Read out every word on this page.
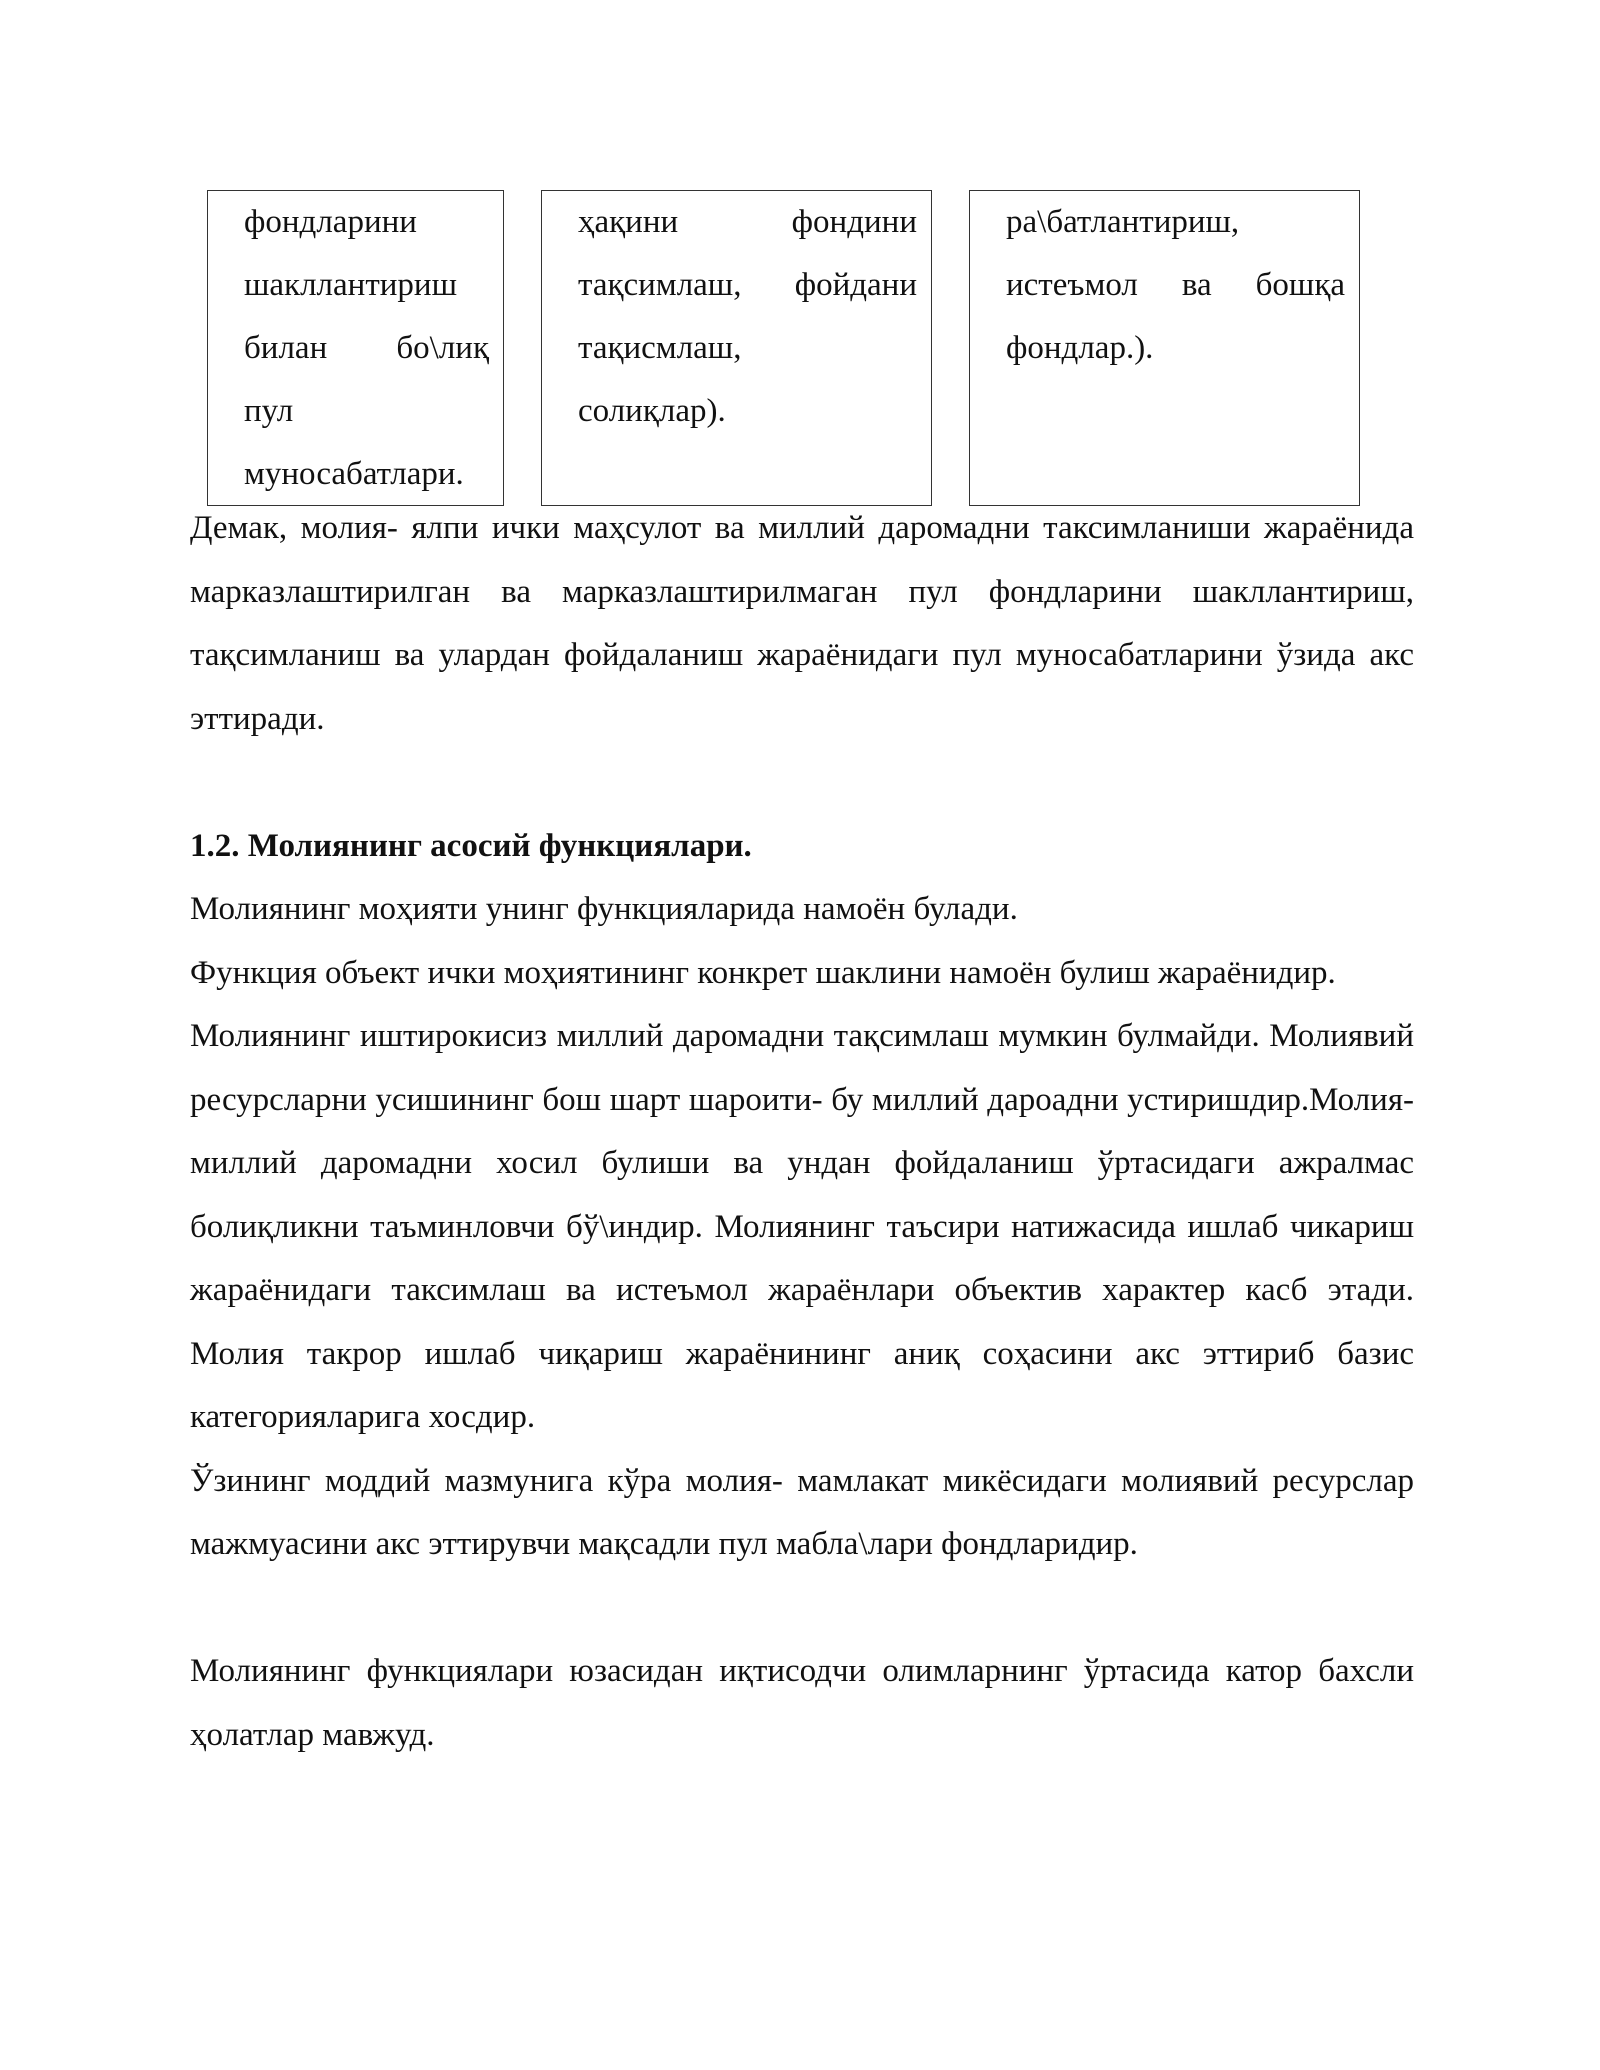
фондларини
шакллантириш
билан бо\лиқ
пул
муносабатлари.
ҳақини фондини
тақсимлаш, фойдани
тақисмлаш,
солиқлар).
ра\батлантириш,
истеъмол ва бошқа
фондлар.).

Демак, молия- ялпи ички маҳсулот ва миллий даромадни таксимланиши жараёнида марказлаштирилган ва марказлаштирилмаган пул фондларини шакллантириш, тақсимланиш ва улардан фойдаланиш жараёнидаги пул муносабатларини ўзида акс эттиради.

1.2. Молиянинг асосий функциялари.

Молиянинг моҳияти унинг функцияларида намоён булади.

Функция объект ички моҳиятининг конкрет шаклини намоён булиш жараёнидир.

Молиянинг иштирокисиз миллий даромадни тақсимлаш мумкин булмайди. Молиявий ресурсларни усишининг бош шарт шароити- бу миллий дароадни устиришдир.Молия- миллий даромадни хосил булиши ва ундан фойдаланиш ўртасидаги ажралмас болиқликни таъминловчи бў\индир. Молиянинг таъсири натижасида ишлаб чикариш жараёнидаги таксимлаш ва истеъмол жараёнлари объектив характер касб этади. Молия такрор ишлаб чиқариш жараёнининг аниқ соҳасини акс эттириб базис категорияларига хосдир.

Ўзининг моддий мазмунига кўра молия- мамлакат микёсидаги молиявий ресурслар мажмуасини акс эттирувчи мақсадли пул мабла\лари фондларидир.

Молиянинг функциялари юзасидан иқтисодчи олимларнинг ўртасида катор бахсли ҳолатлар мавжуд.
